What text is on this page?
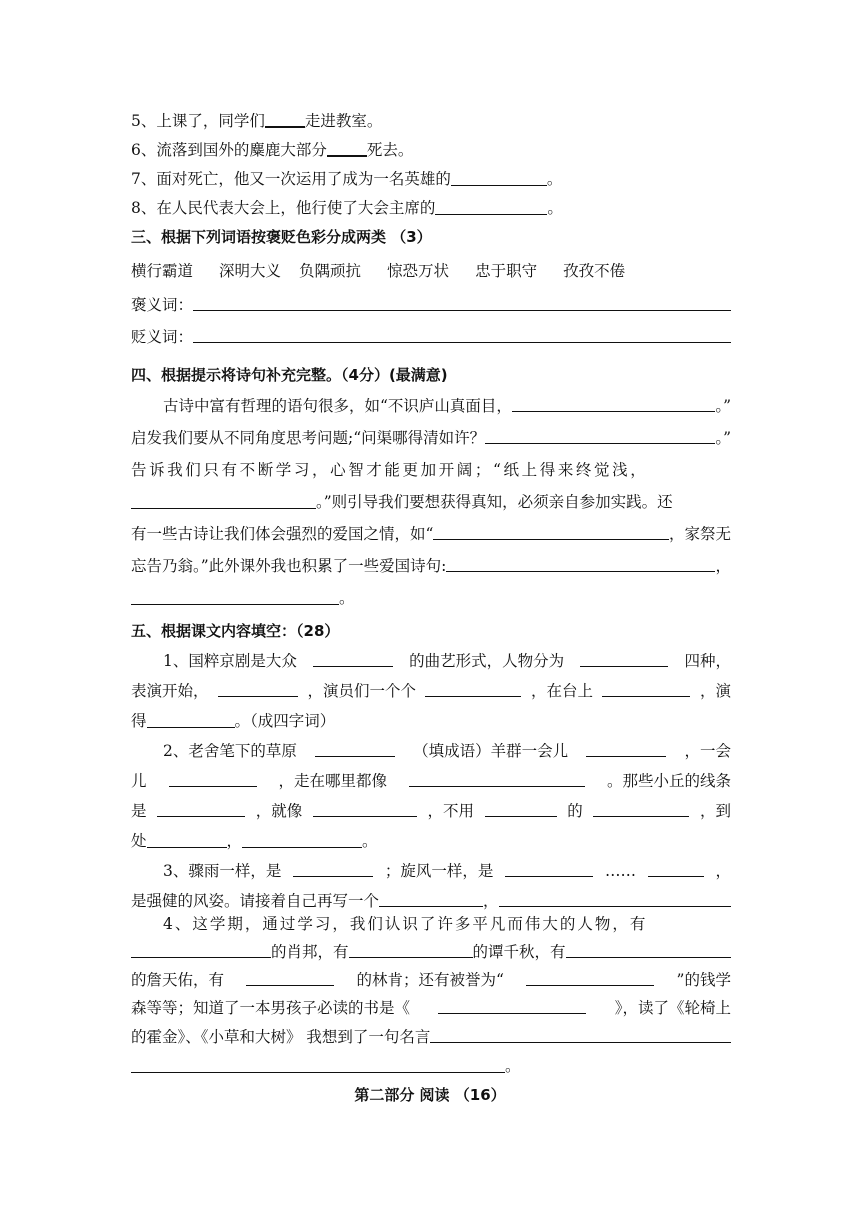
5、上课了，同学们	走进教室。
6、流落到国外的麋鹿大部分	死去。
7、面对死亡，他又一次运用了成为一名英雄的	。
8、在人民代表大会上，他行使了大会主席的	。
三、根据下列词语按褒贬色彩分成两类 （3）
横行霸道 深明大义 负隅顽抗 惊恐万状 忠于职守 孜孜不倦
褒义词：
贬义词：
四、根据提示将诗句补充完整。（4分）(最满意)
古诗中富有哲理的语句很多，如“不识庐山真面目，	。”
启发我们要从不同角度思考问题;“问渠哪得清如许？	。”
告诉我们只有不断学习，心智才能更加开阔；“纸上得来终觉浅，
。”则引导我们要想获得真知，必须亲自参加实践。还
有一些古诗让我们体会强烈的爱国之情，如“	，家祭无
忘告乃翁。”此外课外我也积累了一些爱国诗句:	，
。
五、根据课文内容填空：（28）
1、国粹京剧是大众	的曲艺形式，人物分为	四种，
表演开始，	，演员们一个个	，在台上	，演
得	。（成四字词）
2、老舍笔下的草原	（填成语）羊群一会儿	，一会
儿	，走在哪里都像	。那些小丘的线条
是	，就像	，不用	的	，到
处	，	。
3、骤雨一样，是	；旋风一样，是	……	，
是强健的风姿。请接着自己再写一个	，
4、这学期，通过学习，我们认识了许多平凡而伟大的人物，有
的肖邦，有	的谭千秋，有
的詹天佑，有	的林肯；还有被誉为“	”的钱学
森等等；知道了一本男孩子必读的书是《	》，读了《轮椅上
的霍金》、《小草和大树》 我想到了一句名言
。
第二部分 阅读 （16）
